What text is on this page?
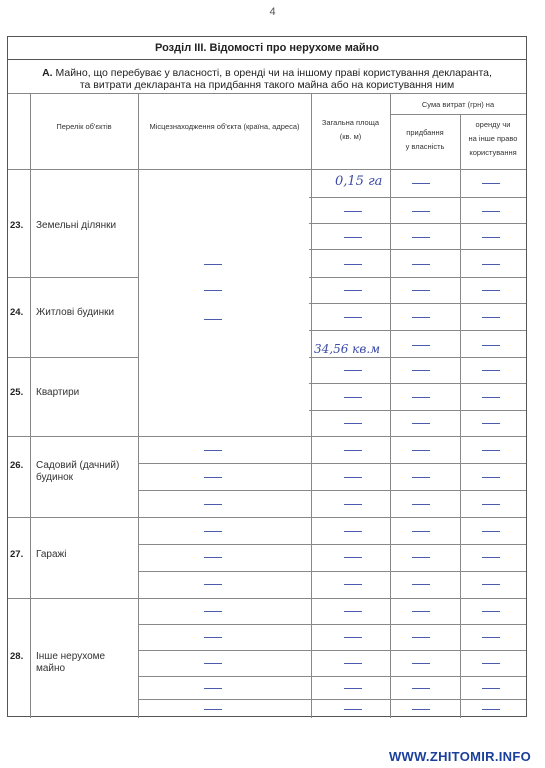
4
Розділ ІІІ. Відомості про нерухоме майно
А. Майно, що перебуває у власності, в оренді чи на іншому праві користування декларанта,
та витрати декларанта на придбання такого майна або на користування ним
Перелік об'єктів	Місцезнаходження об'єкта (країна, адреса)	Загальна площа
(кв. м)
Сума витрат (грн) на
придбання
у власність
оренду чи
на інше право
користування
23. Земельні ділянки
24. Житлові будинки
25. Квартири
26. Садовий (дачний)
будинок
27. Гаражі
28. Інше нерухоме
майно
0,15 га
34,56 кв.м
WWW.ZHITOMIR.INFO
